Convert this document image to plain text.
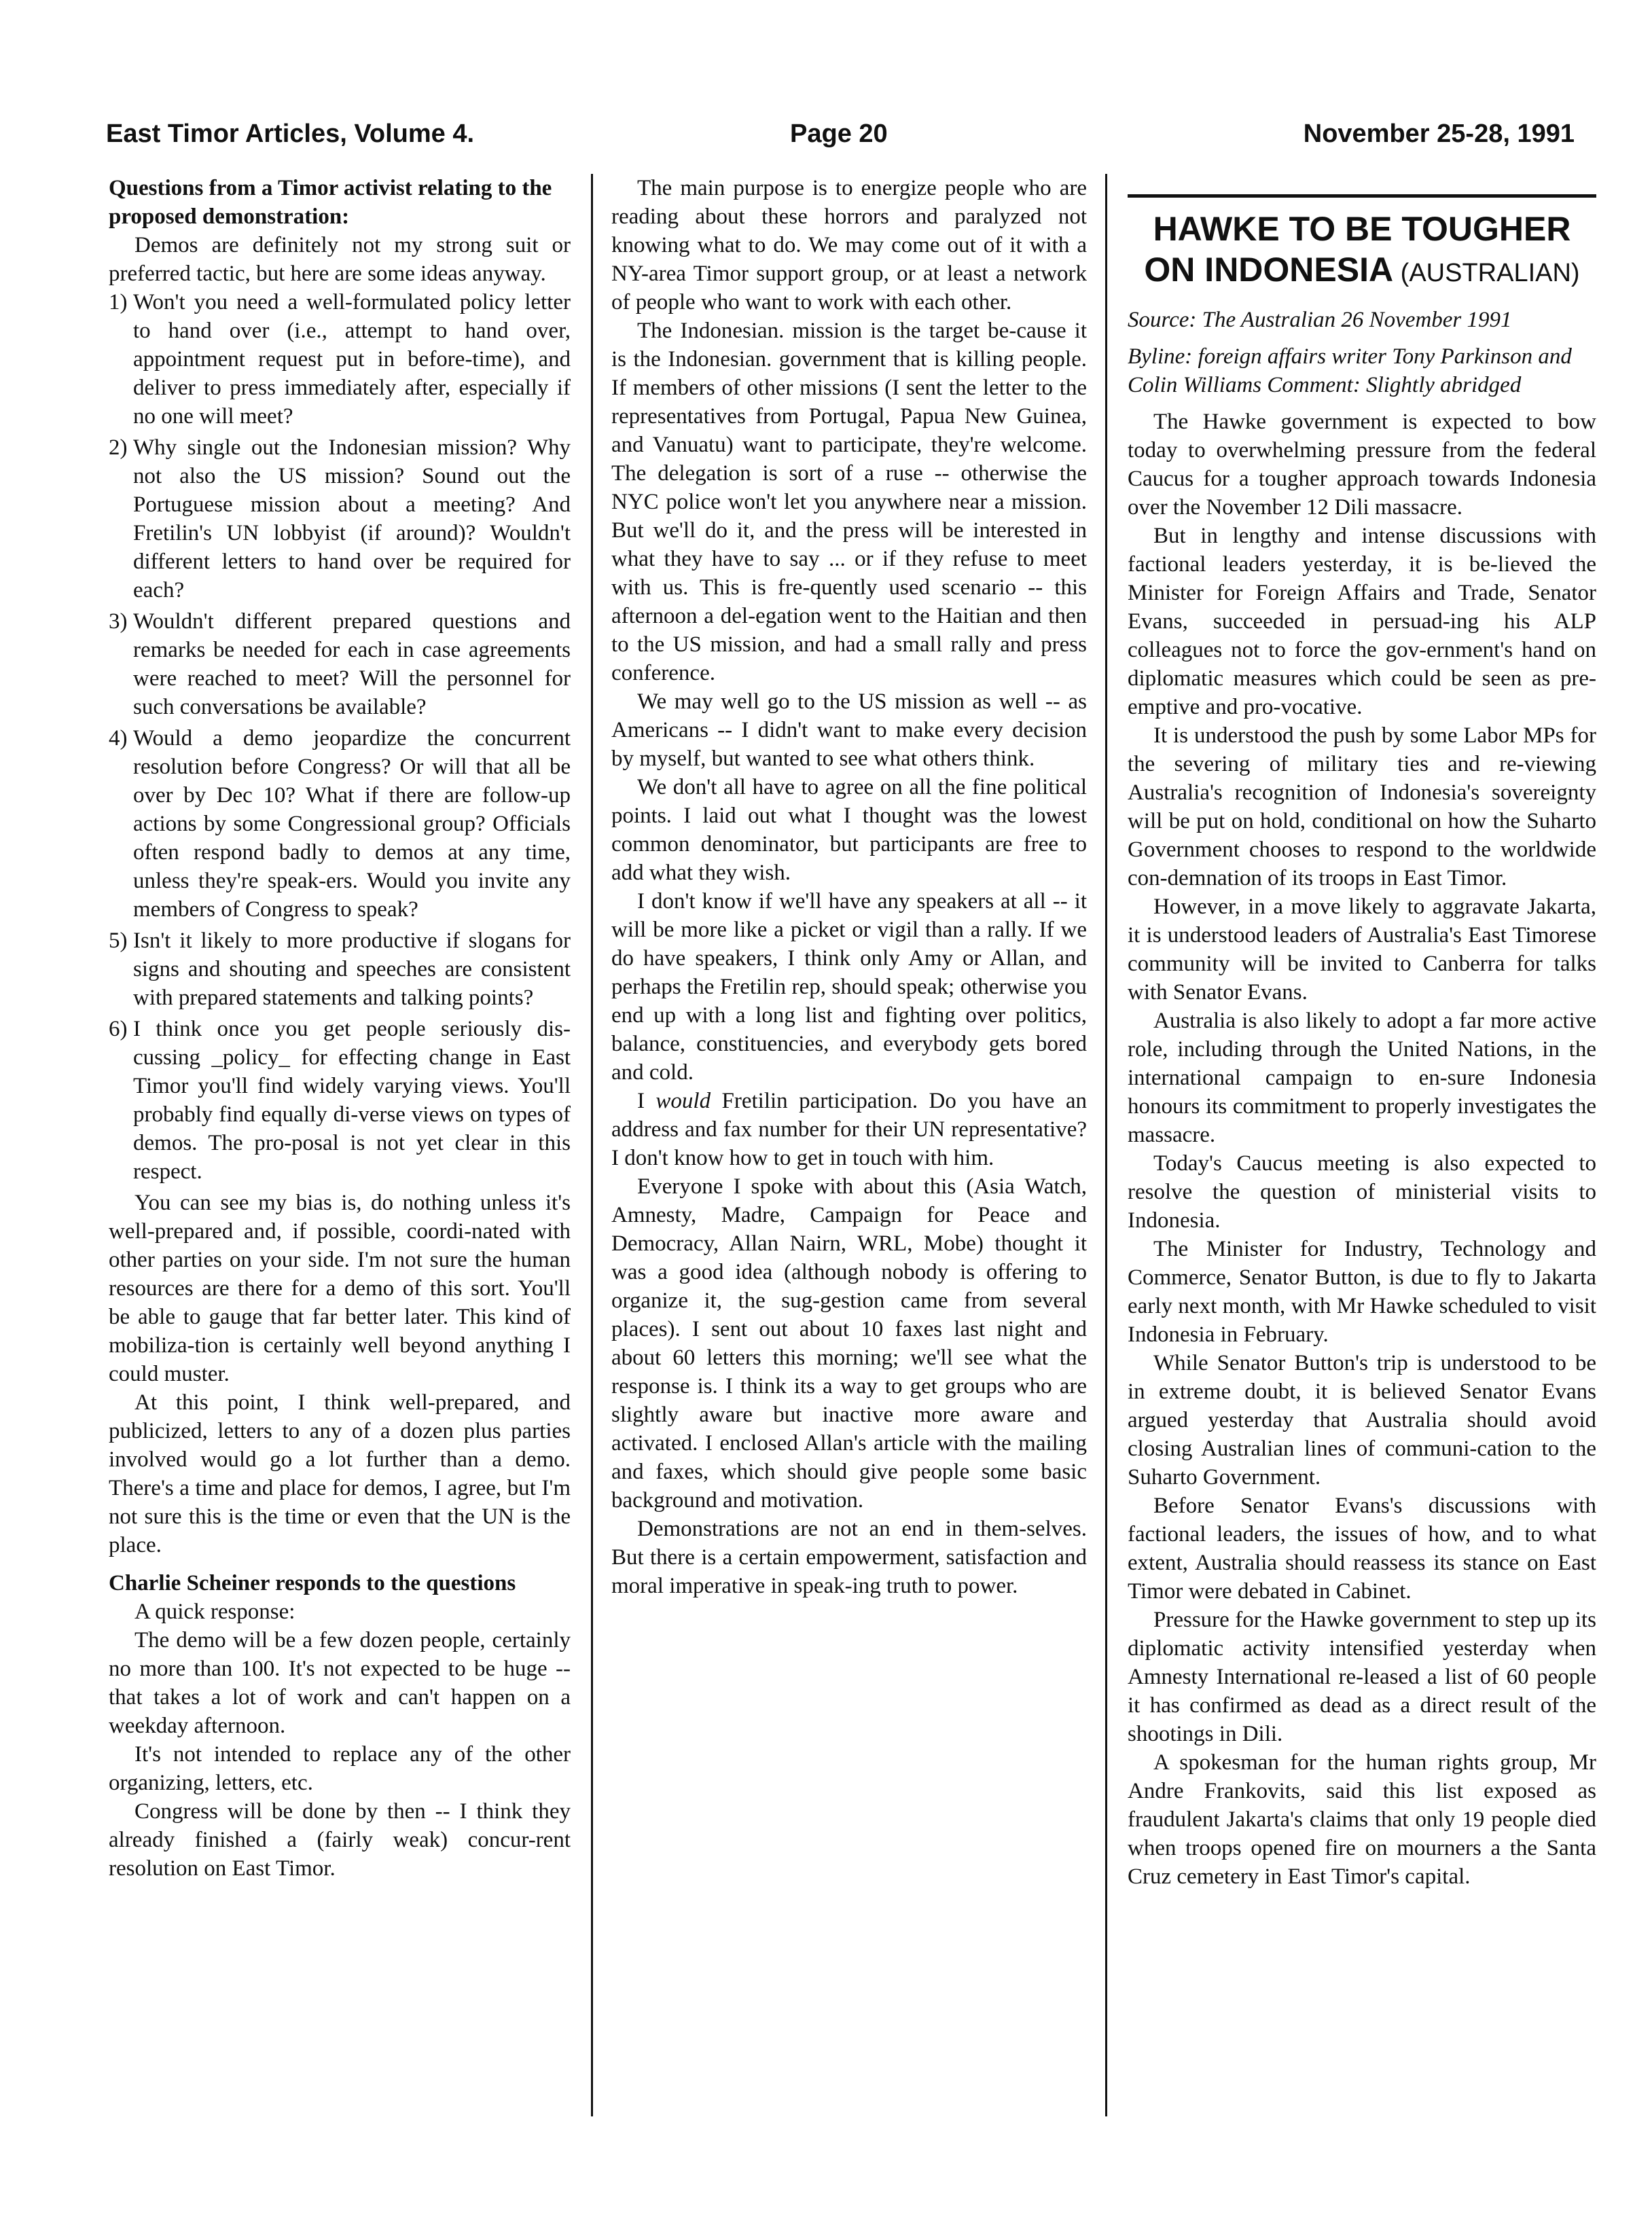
East Timor Articles, Volume 4.	Page 20	November 25-28, 1991

Questions from a Timor activist relating to the proposed demonstration:

Demos are definitely not my strong suit or preferred tactic, but here are some ideas anyway.

1) Won't you need a well-formulated policy letter to hand over (i.e., attempt to hand over, appointment request put in before-time), and deliver to press immediately after, especially if no one will meet?
2) Why single out the Indonesian mission? Why not also the US mission? Sound out the Portuguese mission about a meeting? And Fretilin's UN lobbyist (if around)? Wouldn't different letters to hand over be required for each?
3) Wouldn't different prepared questions and remarks be needed for each in case agreements were reached to meet? Will the personnel for such conversations be available?
4) Would a demo jeopardize the concurrent resolution before Congress? Or will that all be over by Dec 10? What if there are follow-up actions by some Congressional group? Officials often respond badly to demos at any time, unless they're speak-ers. Would you invite any members of Congress to speak?
5) Isn't it likely to more productive if slogans for signs and shouting and speeches are consistent with prepared statements and talking points?
6) I think once you get people seriously dis-cussing _policy_ for effecting change in East Timor you'll find widely varying views. You'll probably find equally di-verse views on types of demos. The pro-posal is not yet clear in this respect.

You can see my bias is, do nothing unless it's well-prepared and, if possible, coordi-nated with other parties on your side. I'm not sure the human resources are there for a demo of this sort. You'll be able to gauge that far better later. This kind of mobiliza-tion is certainly well beyond anything I could muster.

At this point, I think well-prepared, and publicized, letters to any of a dozen plus parties involved would go a lot further than a demo. There's a time and place for demos, I agree, but I'm not sure this is the time or even that the UN is the place.

Charlie Scheiner responds to the questions

A quick response:

The demo will be a few dozen people, certainly no more than 100. It's not expected to be huge -- that takes a lot of work and can't happen on a weekday afternoon.

It's not intended to replace any of the other organizing, letters, etc.

Congress will be done by then -- I think they already finished a (fairly weak) concur-rent resolution on East Timor.

The main purpose is to energize people who are reading about these horrors and paralyzed not knowing what to do. We may come out of it with a NY-area Timor support group, or at least a network of people who want to work with each other.

The Indonesian. mission is the target be-cause it is the Indonesian. government that is killing people. If members of other missions (I sent the letter to the representatives from Portugal, Papua New Guinea, and Vanuatu) want to participate, they're welcome. The delegation is sort of a ruse -- otherwise the NYC police won't let you anywhere near a mission. But we'll do it, and the press will be interested in what they have to say ... or if they refuse to meet with us. This is fre-quently used scenario -- this afternoon a del-egation went to the Haitian and then to the US mission, and had a small rally and press conference.

We may well go to the US mission as well -- as Americans -- I didn't want to make every decision by myself, but wanted to see what others think.

We don't all have to agree on all the fine political points. I laid out what I thought was the lowest common denominator, but participants are free to add what they wish.

I don't know if we'll have any speakers at all -- it will be more like a picket or vigil than a rally. If we do have speakers, I think only Amy or Allan, and perhaps the Fretilin rep, should speak; otherwise you end up with a long list and fighting over politics, balance, constituencies, and everybody gets bored and cold.

I would Fretilin participation. Do you have an address and fax number for their UN representative? I don't know how to get in touch with him.

Everyone I spoke with about this (Asia Watch, Amnesty, Madre, Campaign for Peace and Democracy, Allan Nairn, WRL, Mobe) thought it was a good idea (although nobody is offering to organize it, the sug-gestion came from several places). I sent out about 10 faxes last night and about 60 letters this morning; we'll see what the response is. I think its a way to get groups who are slightly aware but inactive more aware and activated. I enclosed Allan's article with the mailing and faxes, which should give people some basic background and motivation.

Demonstrations are not an end in them-selves. But there is a certain empowerment, satisfaction and moral imperative in speak-ing truth to power.

HAWKE TO BE TOUGHER ON INDONESIA (AUSTRALIAN)

Source: The Australian 26 November 1991

Byline: foreign affairs writer Tony Parkinson and Colin Williams Comment: Slightly abridged

The Hawke government is expected to bow today to overwhelming pressure from the federal Caucus for a tougher approach towards Indonesia over the November 12 Dili massacre.

But in lengthy and intense discussions with factional leaders yesterday, it is be-lieved the Minister for Foreign Affairs and Trade, Senator Evans, succeeded in persuad-ing his ALP colleagues not to force the gov-ernment's hand on diplomatic measures which could be seen as pre-emptive and pro-vocative.

It is understood the push by some Labor MPs for the severing of military ties and re-viewing Australia's recognition of Indonesia's sovereignty will be put on hold, conditional on how the Suharto Government chooses to respond to the worldwide con-demnation of its troops in East Timor.

However, in a move likely to aggravate Jakarta, it is understood leaders of Australia's East Timorese community will be invited to Canberra for talks with Senator Evans.

Australia is also likely to adopt a far more active role, including through the United Nations, in the international campaign to en-sure Indonesia honours its commitment to properly investigates the massacre.

Today's Caucus meeting is also expected to resolve the question of ministerial visits to Indonesia.

The Minister for Industry, Technology and Commerce, Senator Button, is due to fly to Jakarta early next month, with Mr Hawke scheduled to visit Indonesia in February.

While Senator Button's trip is understood to be in extreme doubt, it is believed Senator Evans argued yesterday that Australia should avoid closing Australian lines of communi-cation to the Suharto Government.

Before Senator Evans's discussions with factional leaders, the issues of how, and to what extent, Australia should reassess its stance on East Timor were debated in Cabinet.

Pressure for the Hawke government to step up its diplomatic activity intensified yesterday when Amnesty International re-leased a list of 60 people it has confirmed as dead as a direct result of the shootings in Dili.

A spokesman for the human rights group, Mr Andre Frankovits, said this list exposed as fraudulent Jakarta's claims that only 19 people died when troops opened fire on mourners a the Santa Cruz cemetery in East Timor's capital.
